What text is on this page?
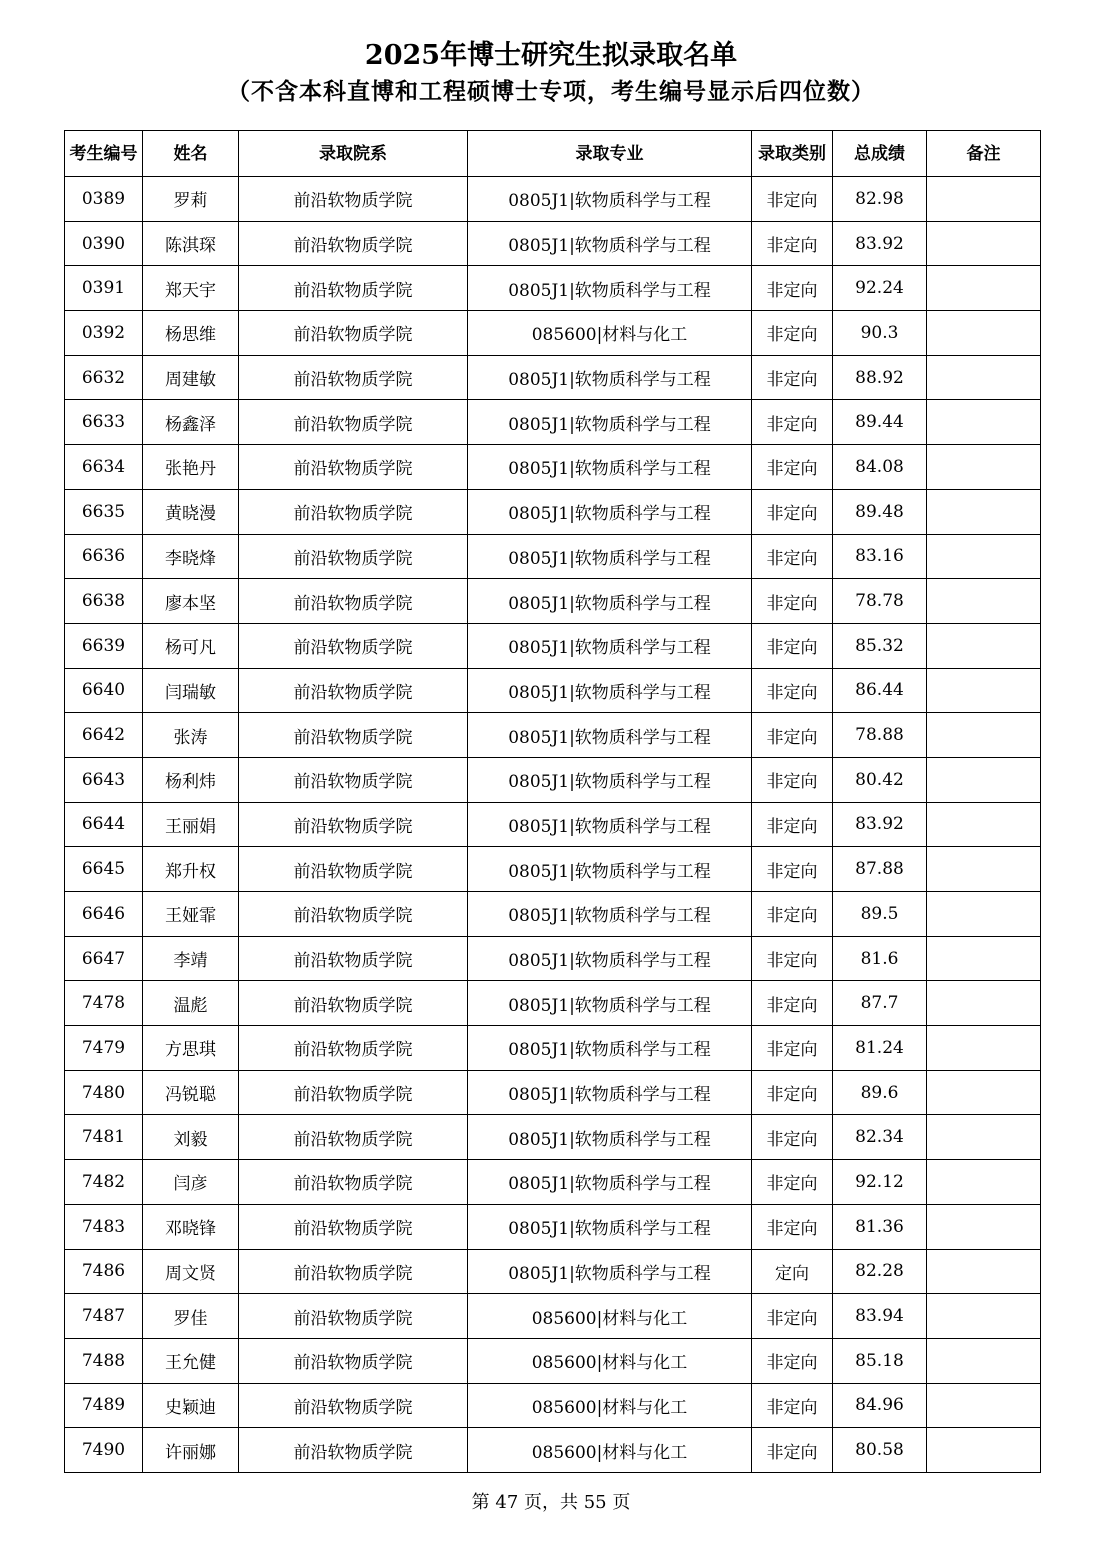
2025年博士研究生拟录取名单
（不含本科直博和工程硕博士专项，考生编号显示后四位数）
考生编号	姓名	录取院系	录取专业	录取类别	总成绩	备注
0389	罗莉	前沿软物质学院	0805J1|软物质科学与工程	非定向	82.98	
0390	陈淇琛	前沿软物质学院	0805J1|软物质科学与工程	非定向	83.92	
0391	郑天宇	前沿软物质学院	0805J1|软物质科学与工程	非定向	92.24	
0392	杨思维	前沿软物质学院	085600|材料与化工	非定向	90.3	
6632	周建敏	前沿软物质学院	0805J1|软物质科学与工程	非定向	88.92	
6633	杨鑫泽	前沿软物质学院	0805J1|软物质科学与工程	非定向	89.44	
6634	张艳丹	前沿软物质学院	0805J1|软物质科学与工程	非定向	84.08	
6635	黄晓漫	前沿软物质学院	0805J1|软物质科学与工程	非定向	89.48	
6636	李晓烽	前沿软物质学院	0805J1|软物质科学与工程	非定向	83.16	
6638	廖本坚	前沿软物质学院	0805J1|软物质科学与工程	非定向	78.78	
6639	杨可凡	前沿软物质学院	0805J1|软物质科学与工程	非定向	85.32	
6640	闫瑞敏	前沿软物质学院	0805J1|软物质科学与工程	非定向	86.44	
6642	张涛	前沿软物质学院	0805J1|软物质科学与工程	非定向	78.88	
6643	杨利炜	前沿软物质学院	0805J1|软物质科学与工程	非定向	80.42	
6644	王丽娟	前沿软物质学院	0805J1|软物质科学与工程	非定向	83.92	
6645	郑升权	前沿软物质学院	0805J1|软物质科学与工程	非定向	87.88	
6646	王娅霏	前沿软物质学院	0805J1|软物质科学与工程	非定向	89.5	
6647	李靖	前沿软物质学院	0805J1|软物质科学与工程	非定向	81.6	
7478	温彪	前沿软物质学院	0805J1|软物质科学与工程	非定向	87.7	
7479	方思琪	前沿软物质学院	0805J1|软物质科学与工程	非定向	81.24	
7480	冯锐聪	前沿软物质学院	0805J1|软物质科学与工程	非定向	89.6	
7481	刘毅	前沿软物质学院	0805J1|软物质科学与工程	非定向	82.34	
7482	闫彦	前沿软物质学院	0805J1|软物质科学与工程	非定向	92.12	
7483	邓晓锋	前沿软物质学院	0805J1|软物质科学与工程	非定向	81.36	
7486	周文贤	前沿软物质学院	0805J1|软物质科学与工程	定向	82.28	
7487	罗佳	前沿软物质学院	085600|材料与化工	非定向	83.94	
7488	王允健	前沿软物质学院	085600|材料与化工	非定向	85.18	
7489	史颖迪	前沿软物质学院	085600|材料与化工	非定向	84.96	
7490	许丽娜	前沿软物质学院	085600|材料与化工	非定向	80.58	
第 47 页，共 55 页
